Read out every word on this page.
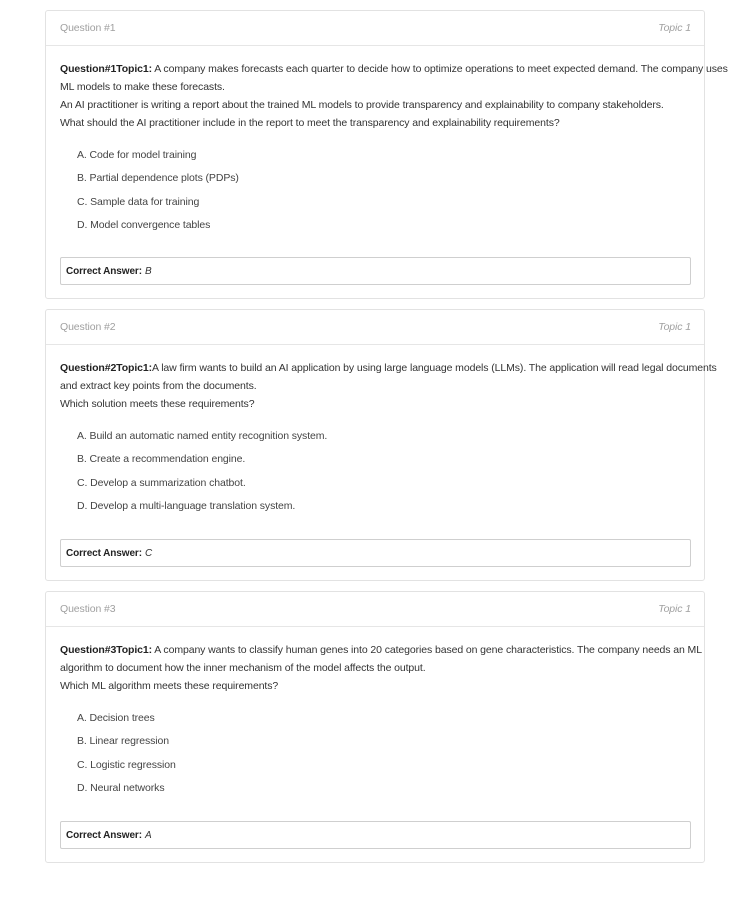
Question #1	Topic 1
Question#1Topic1: A company makes forecasts each quarter to decide how to optimize operations to meet expected demand. The company uses
ML models to make these forecasts.
An AI practitioner is writing a report about the trained ML models to provide transparency and explainability to company stakeholders.
What should the AI practitioner include in the report to meet the transparency and explainability requirements?
A. Code for model training
B. Partial dependence plots (PDPs)
C. Sample data for training
D. Model convergence tables
Correct Answer: B
Question #2	Topic 1
Question#2Topic1:A law firm wants to build an AI application by using large language models (LLMs). The application will read legal documents
and extract key points from the documents.
Which solution meets these requirements?
A. Build an automatic named entity recognition system.
B. Create a recommendation engine.
C. Develop a summarization chatbot.
D. Develop a multi-language translation system.
Correct Answer: C
Question #3	Topic 1
Question#3Topic1: A company wants to classify human genes into 20 categories based on gene characteristics. The company needs an ML
algorithm to document how the inner mechanism of the model affects the output.
Which ML algorithm meets these requirements?
A. Decision trees
B. Linear regression
C. Logistic regression
D. Neural networks
Correct Answer: A
